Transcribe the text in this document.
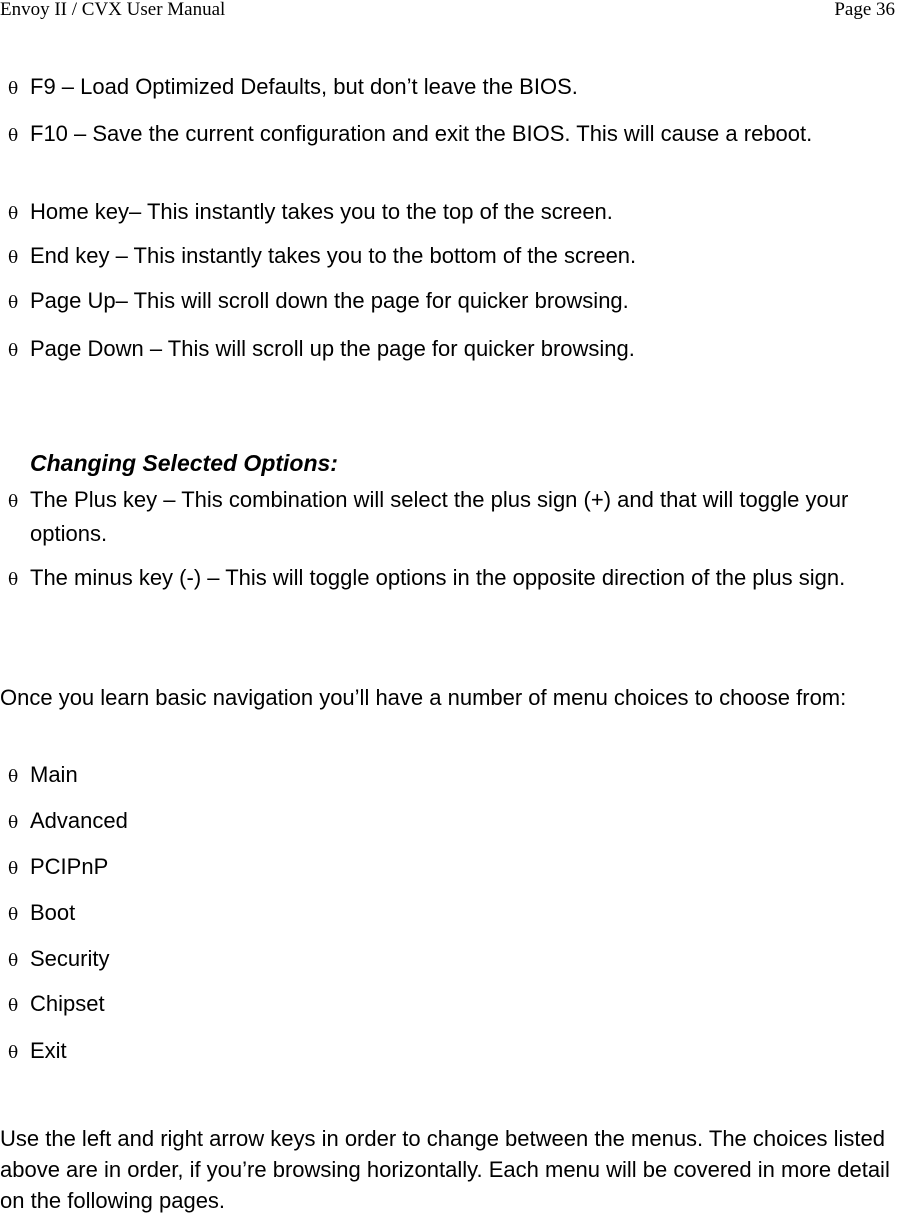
Envoy II / CVX User Manual	Page 36
θ F9 – Load Optimized Defaults, but don’t leave the BIOS.
θ F10 – Save the current configuration and exit the BIOS. This will cause a reboot.
θ Home key– This instantly takes you to the top of the screen.
θ End key – This instantly takes you to the bottom of the screen.
θ Page Up– This will scroll down the page for quicker browsing.
θ Page Down – This will scroll up the page for quicker browsing.
Changing Selected Options:
θ The Plus key – This combination will select the plus sign (+) and that will toggle your options.
θ The minus key (-) – This will toggle options in the opposite direction of the plus sign.
Once you learn basic navigation you’ll have a number of menu choices to choose from:
θ Main
θ Advanced
θ PCIPnP
θ Boot
θ Security
θ Chipset
θ Exit
Use the left and right arrow keys in order to change between the menus. The choices listed above are in order, if you’re browsing horizontally. Each menu will be covered in more detail on the following pages.
